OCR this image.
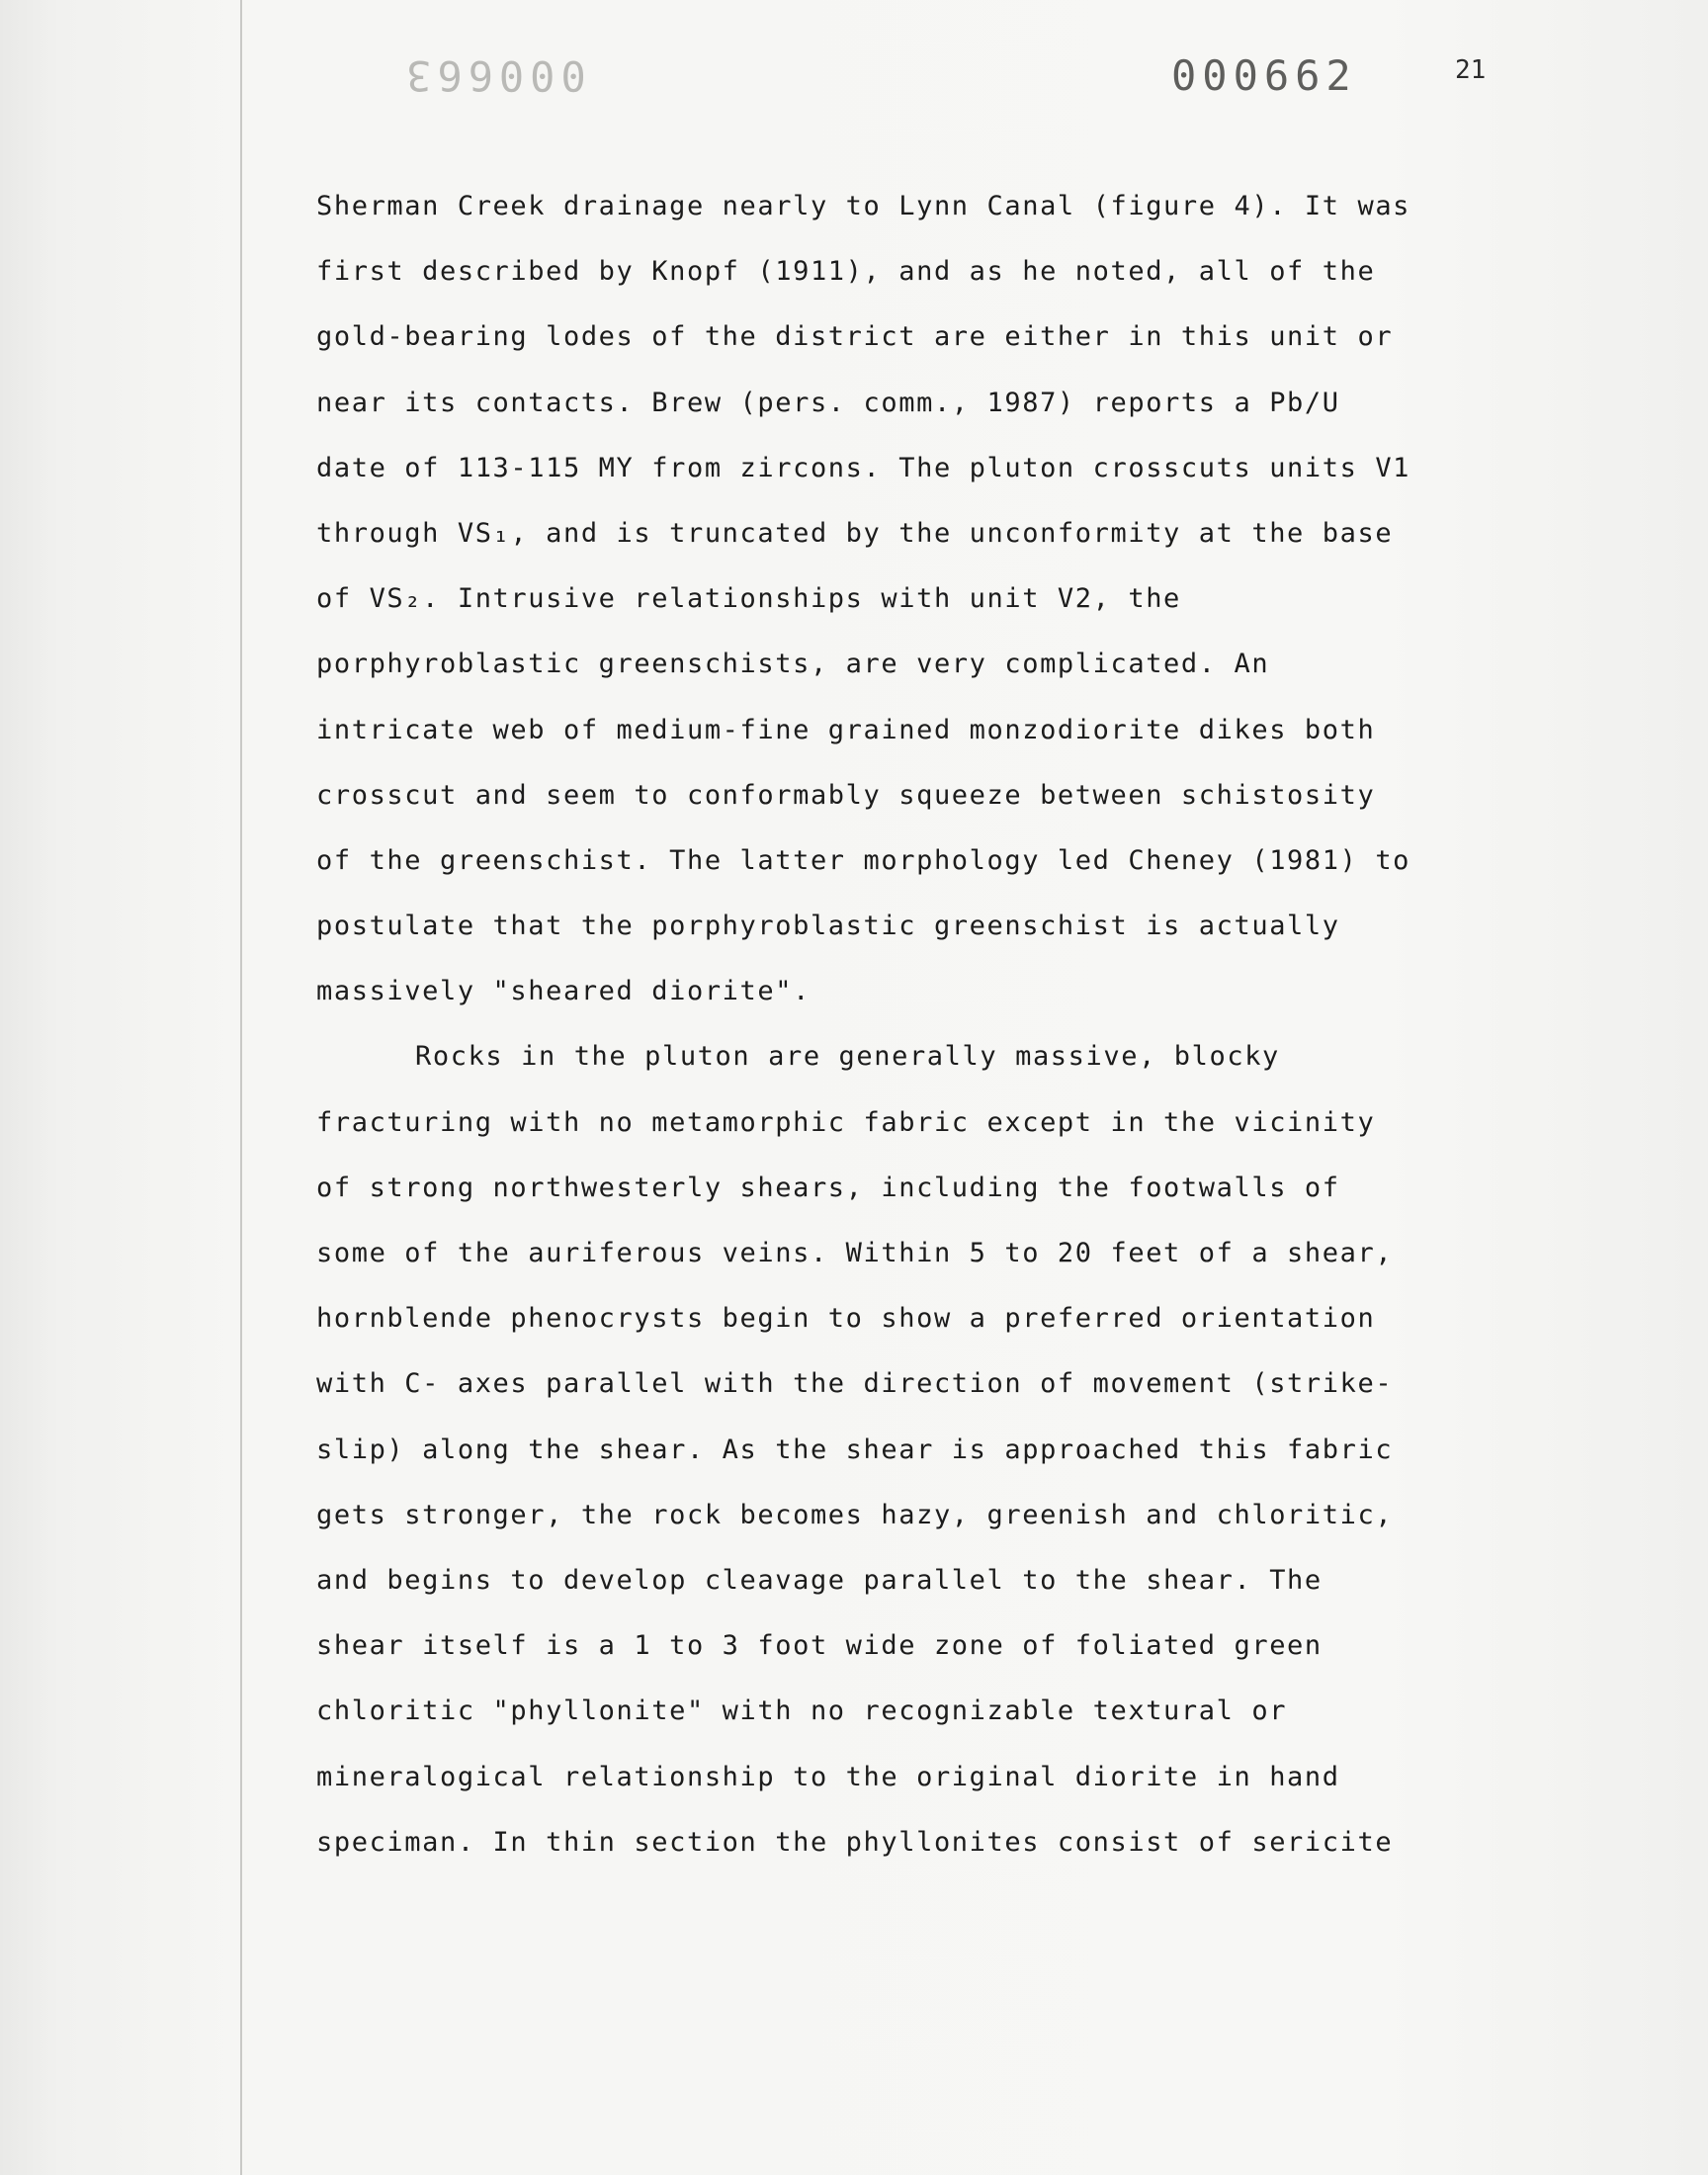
000663	000662	21
Sherman Creek drainage nearly to Lynn Canal (figure 4). It was
first described by Knopf (1911), and as he noted, all of the
gold-bearing lodes of the district are either in this unit or
near its contacts. Brew (pers. comm., 1987) reports a Pb/U
date of 113-115 MY from zircons. The pluton crosscuts units V1
through VS₁, and is truncated by the unconformity at the base
of VS₂. Intrusive relationships with unit V2, the
porphyroblastic greenschists, are very complicated. An
intricate web of medium-fine grained monzodiorite dikes both
crosscut and seem to conformably squeeze between schistosity
of the greenschist. The latter morphology led Cheney (1981) to
postulate that the porphyroblastic greenschist is actually
massively "sheared diorite".
Rocks in the pluton are generally massive, blocky
fracturing with no metamorphic fabric except in the vicinity
of strong northwesterly shears, including the footwalls of
some of the auriferous veins. Within 5 to 20 feet of a shear,
hornblende phenocrysts begin to show a preferred orientation
with C- axes parallel with the direction of movement (strike-
slip) along the shear. As the shear is approached this fabric
gets stronger, the rock becomes hazy, greenish and chloritic,
and begins to develop cleavage parallel to the shear. The
shear itself is a 1 to 3 foot wide zone of foliated green
chloritic "phyllonite" with no recognizable textural or
mineralogical relationship to the original diorite in hand
speciman. In thin section the phyllonites consist of sericite
